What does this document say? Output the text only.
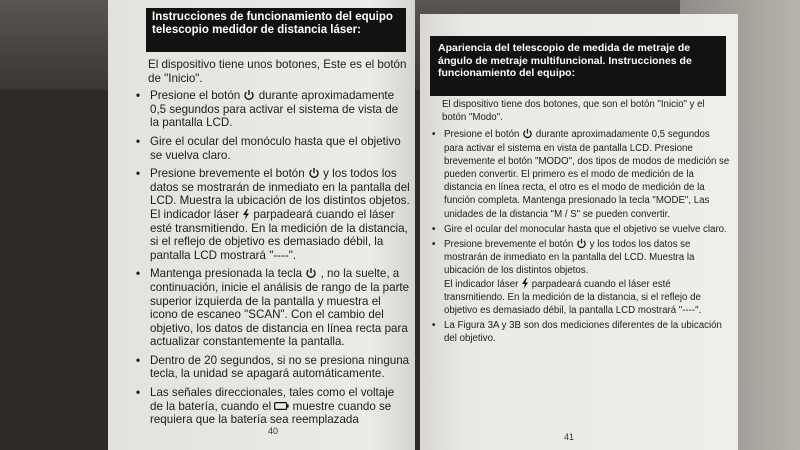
Instrucciones de funcionamiento del equipo telescopio medidor de distancia láser:
El dispositivo tiene unos botones, Este es el botón de "Inicio".
• Presione el botón durante aproximadamente 0,5 segundos para activar el sistema de vista de la pantalla LCD.
• Gire el ocular del monóculo hasta que el objetivo se vuelva claro.
• Presione brevemente el botón y los todos los datos se mostrarán de inmediato en la pantalla del LCD. Muestra la ubicación de los distintos objetos.
El indicador láser parpadeará cuando el láser esté transmitiendo. En la medición de la distancia, si el reflejo de objetivo es demasiado débil, la pantalla LCD mostrará "----".
• Mantenga presionada la tecla , no la suelte, a continuación, inicie el análisis de rango de la parte superior izquierda de la pantalla y muestra el icono de escaneo "SCAN". Con el cambio del objetivo, los datos de distancia en línea recta para actualizar constantemente la pantalla.
• Dentro de 20 segundos, si no se presiona ninguna tecla, la unidad se apagará automáticamente.
• Las señales direccionales, tales como el voltaje de la batería, cuando el muestre cuando se requiera que la batería sea reemplazada
40
Apariencia del telescopio de medida de metraje de ángulo de metraje multifuncional. Instrucciones de funcionamiento del equipo:
El dispositivo tiene dos botones, que son el botón "Inicio" y el botón "Modo".
• Presione el botón durante aproximadamente 0,5 segundos para activar el sistema en vista de pantalla LCD. Presione brevemente el botón "MODO", dos tipos de modos de medición se pueden convertir. El primero es el modo de medición de la distancia en línea recta, el otro es el modo de medición de la función completa. Mantenga presionado la tecla "MODE", Las unidades de la distancia "M / S" se pueden convertir.
• Gire el ocular del monocular hasta que el objetivo se vuelve claro.
• Presione brevemente el botón y los todos los datos se mostrarán de inmediato en la pantalla del LCD. Muestra la ubicación de los distintos objetos.
El indicador láser parpadeará cuando el láser esté transmitiendo. En la medición de la distancia, si el reflejo de objetivo es demasiado débil, la pantalla LCD mostrará "----".
• La Figura 3A y 3B son dos mediciones diferentes de la ubicación del objetivo.
41
